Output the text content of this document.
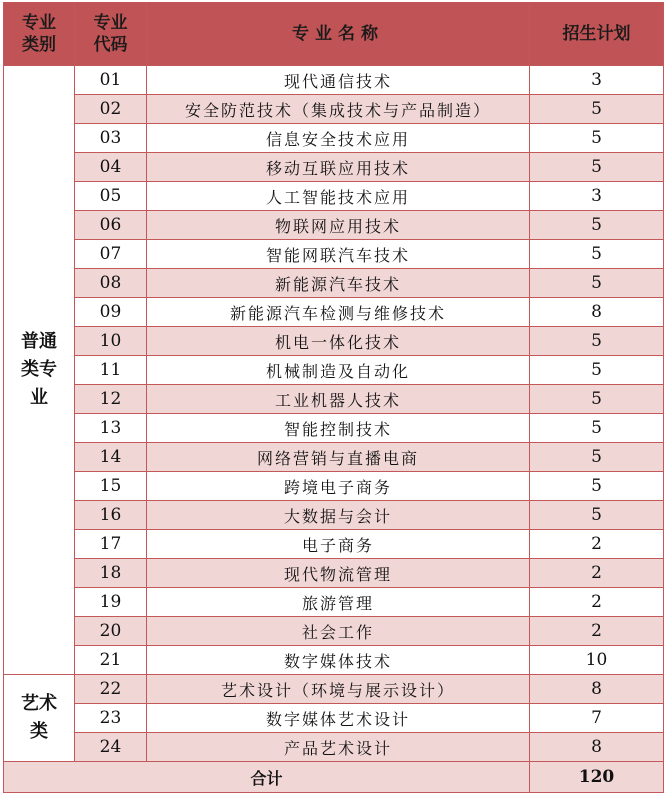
专业类别	专业代码	专业名称	招生计划
普通类专业	01	现代通信技术	3
	02	安全防范技术（集成技术与产品制造）	5
	03	信息安全技术应用	5
	04	移动互联应用技术	5
	05	人工智能技术应用	3
	06	物联网应用技术	5
	07	智能网联汽车技术	5
	08	新能源汽车技术	5
	09	新能源汽车检测与维修技术	8
	10	机电一体化技术	5
	11	机械制造及自动化	5
	12	工业机器人技术	5
	13	智能控制技术	5
	14	网络营销与直播电商	5
	15	跨境电子商务	5
	16	大数据与会计	5
	17	电子商务	2
	18	现代物流管理	2
	19	旅游管理	2
	20	社会工作	2
	21	数字媒体技术	10
艺术类	22	艺术设计（环境与展示设计）	8
	23	数字媒体艺术设计	7
	24	产品艺术设计	8
合计			120
